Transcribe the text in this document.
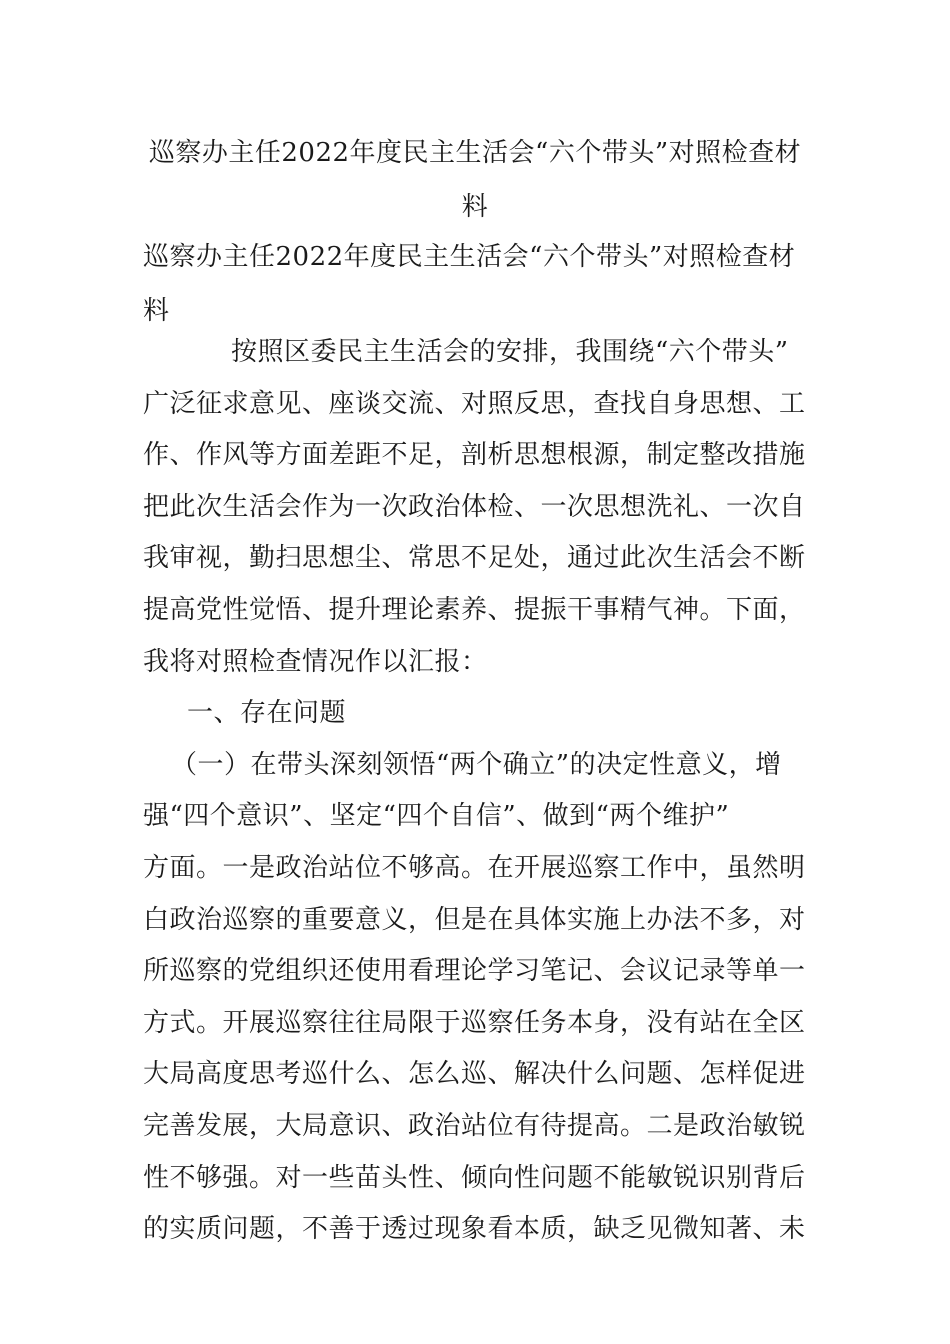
巡察办主任2022年度民主生活会“六个带头”对照检查材
料
巡察办主任2022年度民主生活会“六个带头”对照检查材
料
按照区委民主生活会的安排，我围绕“六个带头”
广泛征求意见、座谈交流、对照反思，查找自身思想、工
作、作风等方面差距不足，剖析思想根源，制定整改措施
把此次生活会作为一次政治体检、一次思想洗礼、一次自
我审视，勤扫思想尘、常思不足处，通过此次生活会不断
提高党性觉悟、提升理论素养、提振干事精气神。下面，
我将对照检查情况作以汇报：
一、存在问题
（一）在带头深刻领悟“两个确立”的决定性意义，增
强“四个意识”、坚定“四个自信”、做到“两个维护”
方面。一是政治站位不够高。在开展巡察工作中，虽然明
白政治巡察的重要意义，但是在具体实施上办法不多，对
所巡察的党组织还使用看理论学习笔记、会议记录等单一
方式。开展巡察往往局限于巡察任务本身，没有站在全区
大局高度思考巡什么、怎么巡、解决什么问题、怎样促进
完善发展，大局意识、政治站位有待提高。二是政治敏锐
性不够强。对一些苗头性、倾向性问题不能敏锐识别背后
的实质问题，不善于透过现象看本质，缺乏见微知著、未
